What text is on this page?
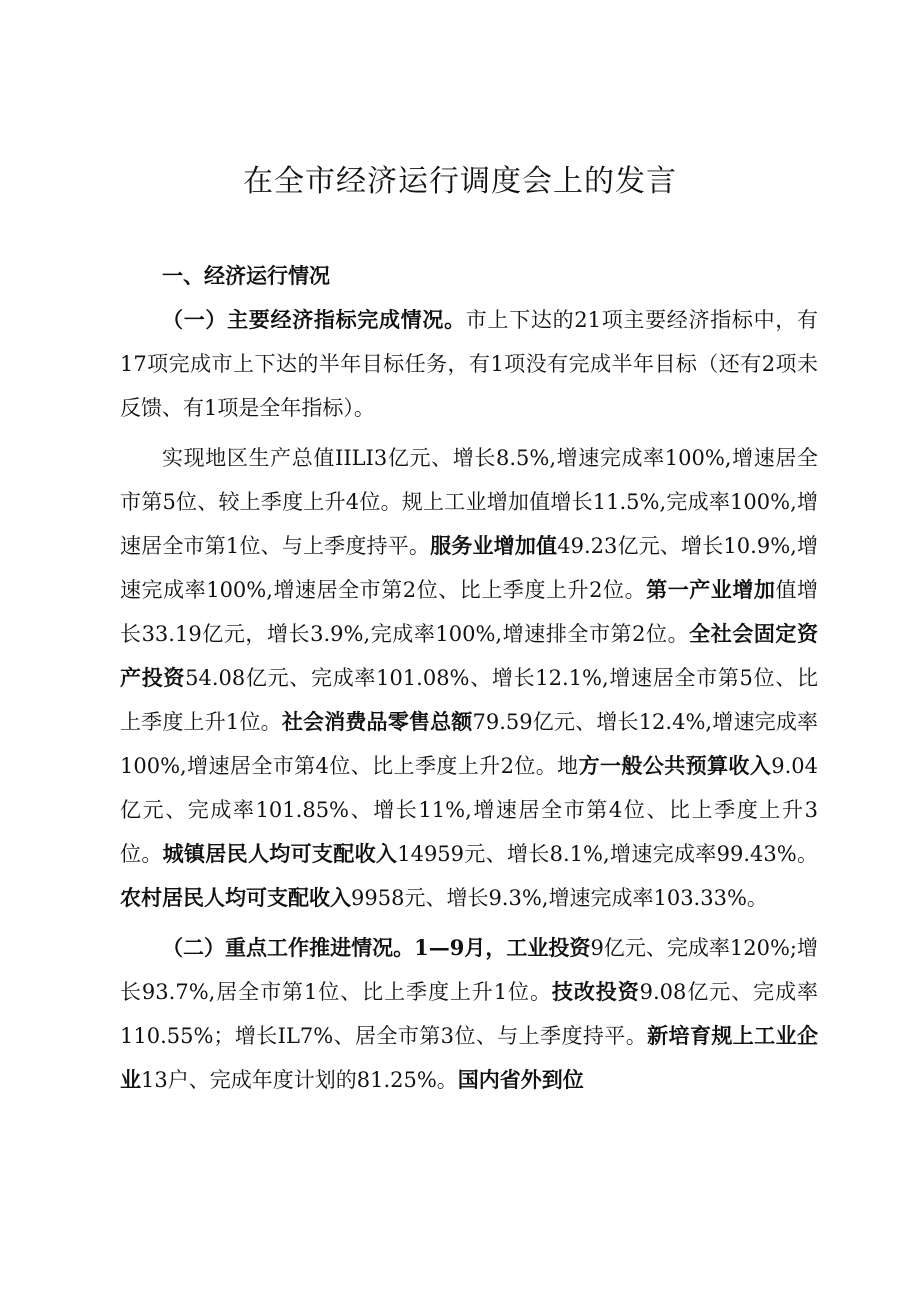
在全市经济运行调度会上的发言

一、经济运行情况

（一）主要经济指标完成情况。市上下达的21项主要经济指标中，有17项完成市上下达的半年目标任务，有1项没有完成半年目标（还有2项未反馈、有1项是全年指标）。

实现地区生产总值IILI3亿元、增长8.5%,增速完成率100%,增速居全市第5位、较上季度上升4位。规上工业增加值增长11.5%,完成率100%,增速居全市第1位、与上季度持平。服务业增加值49.23亿元、增长10.9%,增速完成率100%,增速居全市第2位、比上季度上升2位。第一产业增加值增长33.19亿元，增长3.9%,完成率100%,增速排全市第2位。全社会固定资产投资54.08亿元、完成率101.08%、增长12.1%,增速居全市第5位、比上季度上升1位。社会消费品零售总额79.59亿元、增长12.4%,增速完成率100%,增速居全市第4位、比上季度上升2位。地方一般公共预算收入9.04亿元、完成率101.85%、增长11%,增速居全市第4位、比上季度上升3位。城镇居民人均可支配收入14959元、增长8.1%,增速完成率99.43%。农村居民人均可支配收入9958元、增长9.3%,增速完成率103.33%。

（二）重点工作推进情况。1—9月，工业投资9亿元、完成率120%;增长93.7%,居全市第1位、比上季度上升1位。技改投资9.08亿元、完成率110.55%；增长IL7%、居全市第3位、与上季度持平。新培育规上工业企业13户、完成年度计划的81.25%。国内省外到位
